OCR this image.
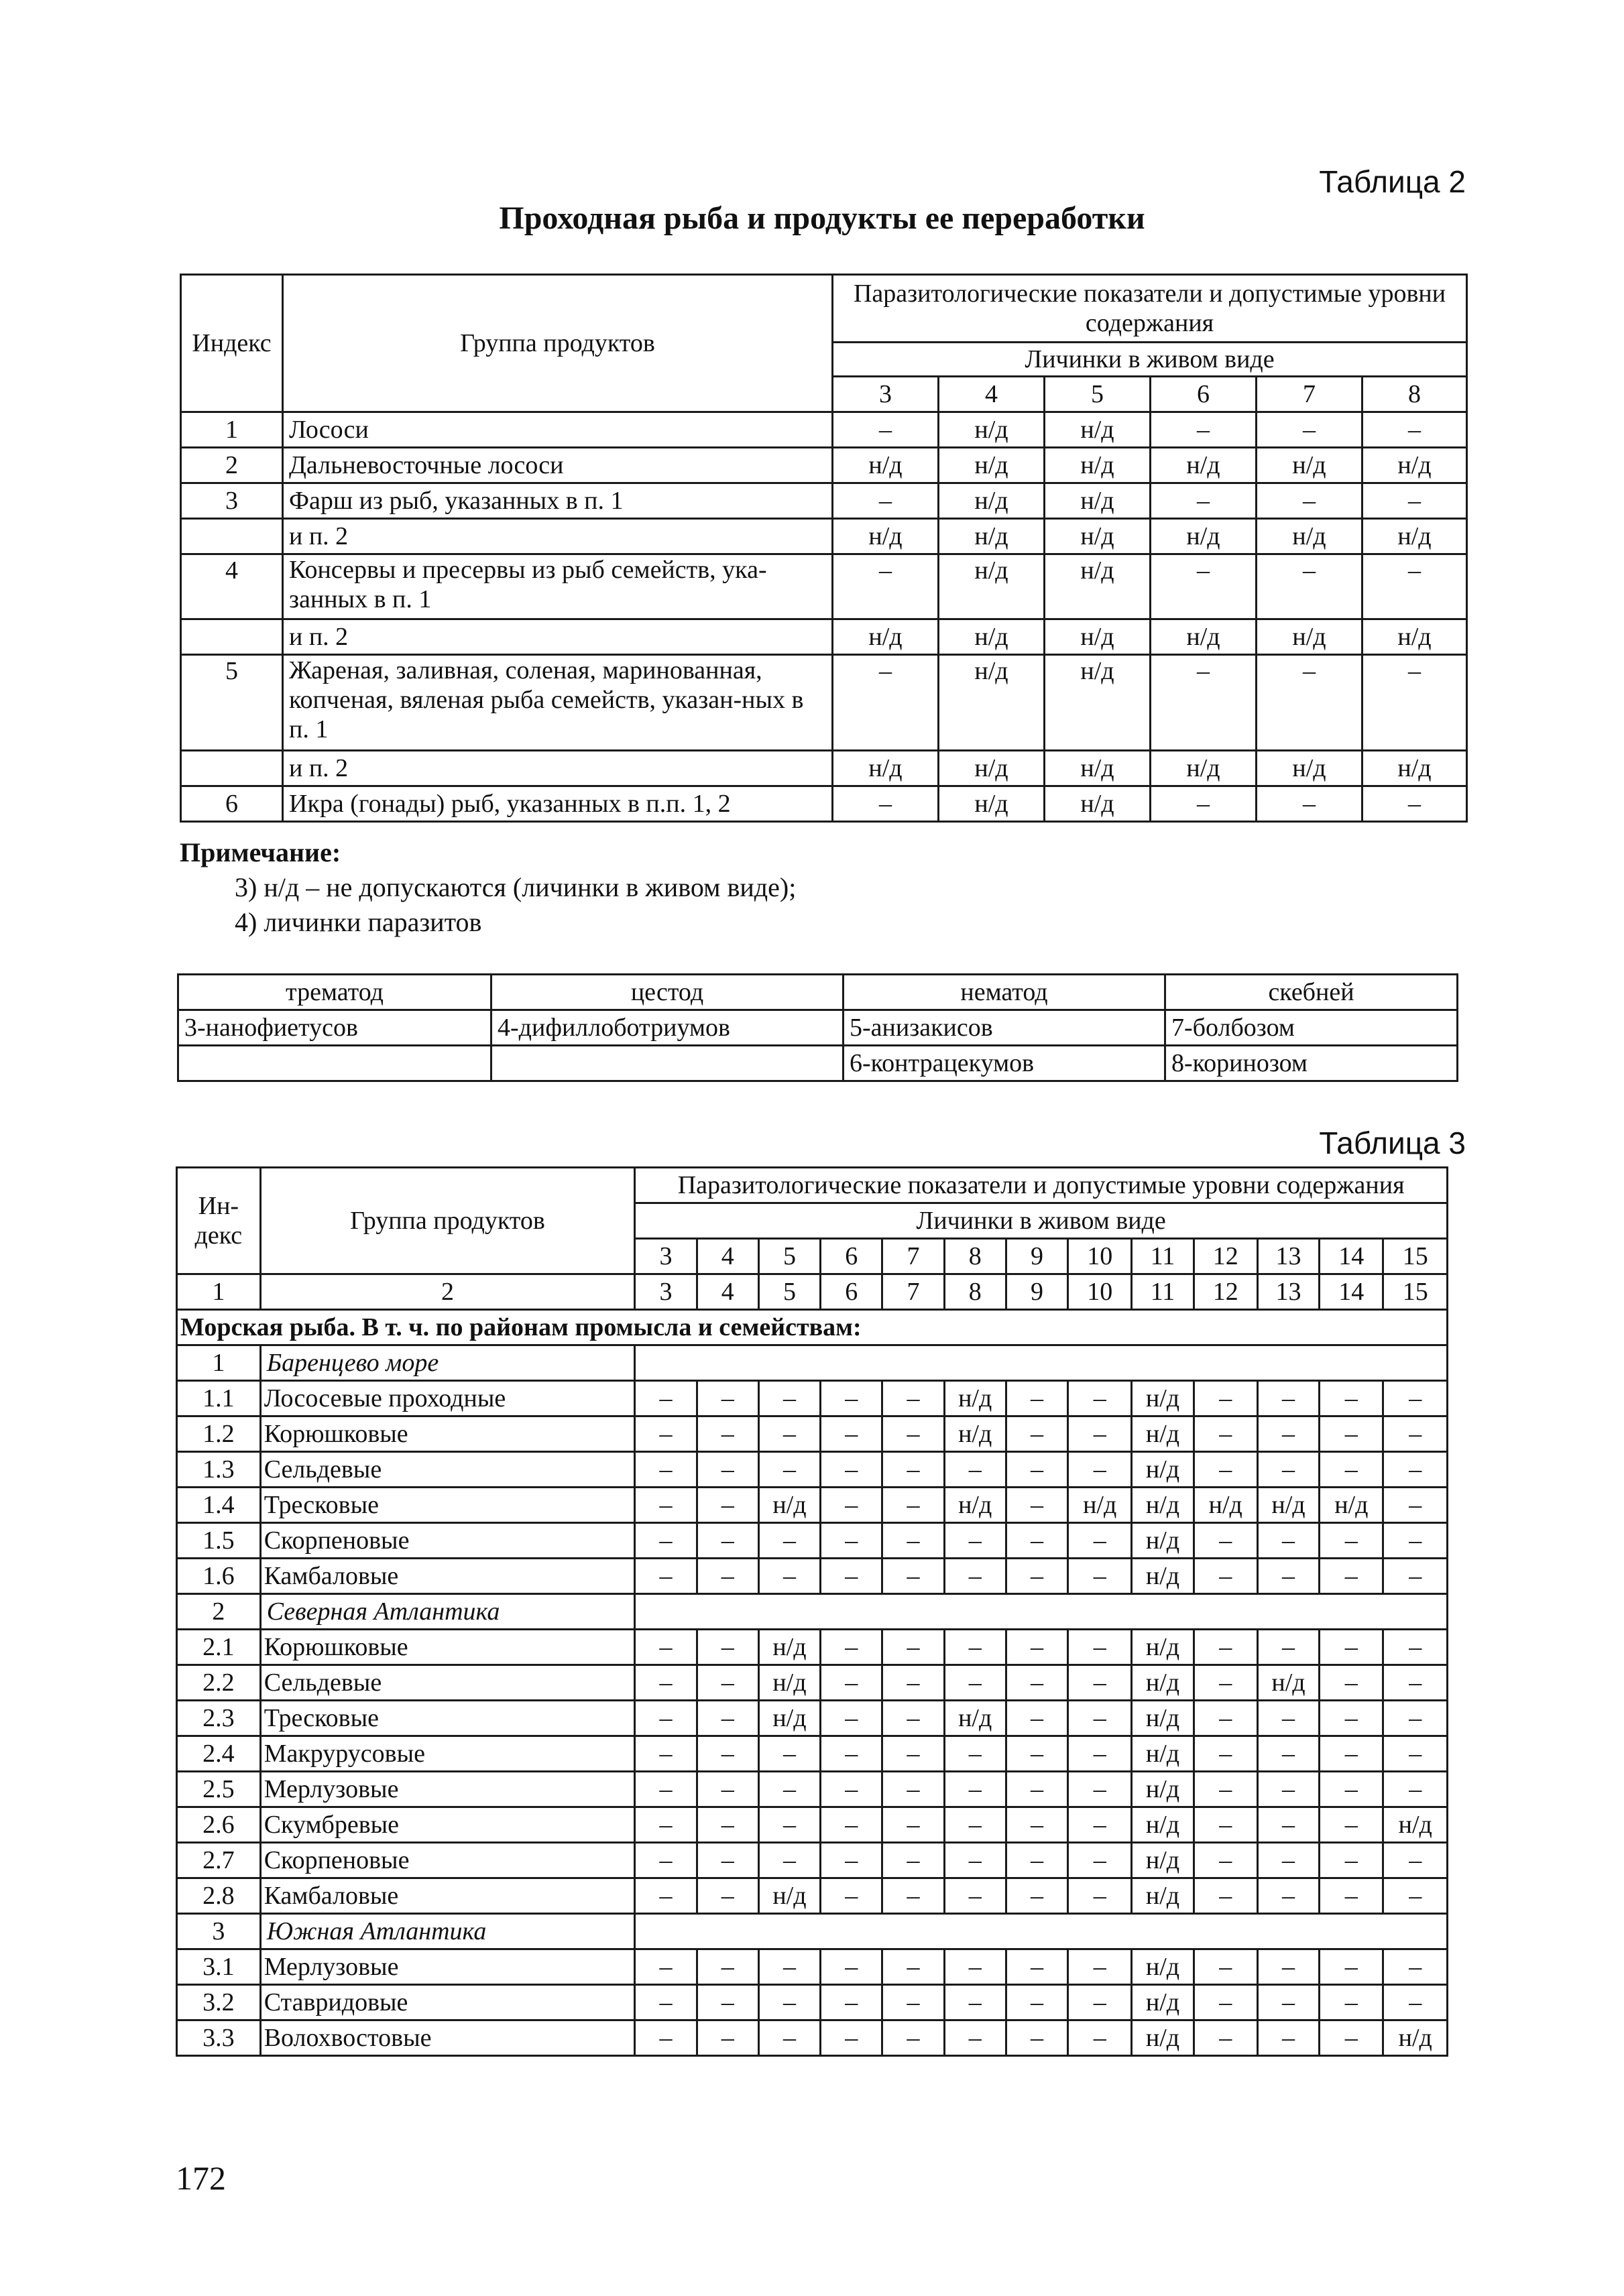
Таблица 2
Проходная рыба и продукты ее переработки
Индекс	Группа продуктов	Паразитологические показатели и допустимые уровни содержания					
		Личинки в живом виде					
		3	4	5	6	7	8
1	Лососи	–	н/д	н/д	–	–	–
2	Дальневосточные лососи	н/д	н/д	н/д	н/д	н/д	н/д
3	Фарш из рыб, указанных в п. 1	–	н/д	н/д	–	–	–
	и п. 2	н/д	н/д	н/д	н/д	н/д	н/д
4	Консервы и пресервы из рыб семейств, ука-занных в п. 1	–	н/д	н/д	–	–	–
	и п. 2	н/д	н/д	н/д	н/д	н/д	н/д
5	Жареная, заливная, соленая, маринованная, копченая, вяленая рыба семейств, указан-ных в п. 1	–	н/д	н/д	–	–	–
	и п. 2	н/д	н/д	н/д	н/д	н/д	н/д
6	Икра (гонады) рыб, указанных в п.п. 1, 2	–	н/д	н/д	–	–	–
Примечание:
3) н/д – не допускаются (личинки в живом виде);
4) личинки паразитов
трематод	цестод	нематод	скебней
3-нанофиетусов	4-дифиллоботриумов	5-анизакисов	7-болбозом
		6-контрацекумов	8-коринозом
Таблица 3
Ин-декс	Группа продуктов	Паразитологические показатели и допустимые уровни содержания												
		Личинки в живом виде												
		3	4	5	6	7	8	9	10	11	12	13	14	15
1	2	3	4	5	6	7	8	9	10	11	12	13	14	15
Морская рыба. В т. ч. по районам промысла и семействам:														
1	Баренцево море													
1.1	Лососевые проходные	–	–	–	–	–	н/д	–	–	н/д	–	–	–	–
1.2	Корюшковые	–	–	–	–	–	н/д	–	–	н/д	–	–	–	–
1.3	Сельдевые	–	–	–	–	–	–	–	–	н/д	–	–	–	–
1.4	Тресковые	–	–	н/д	–	–	н/д	–	н/д	н/д	н/д	н/д	н/д	–
1.5	Скорпеновые	–	–	–	–	–	–	–	–	н/д	–	–	–	–
1.6	Камбаловые	–	–	–	–	–	–	–	–	н/д	–	–	–	–
2	Северная Атлантика													
2.1	Корюшковые	–	–	н/д	–	–	–	–	–	н/д	–	–	–	–
2.2	Сельдевые	–	–	н/д	–	–	–	–	–	н/д	–	н/д	–	–
2.3	Тресковые	–	–	н/д	–	–	н/д	–	–	н/д	–	–	–	–
2.4	Макрурусовые	–	–	–	–	–	–	–	–	н/д	–	–	–	–
2.5	Мерлузовые	–	–	–	–	–	–	–	–	н/д	–	–	–	–
2.6	Скумбревые	–	–	–	–	–	–	–	–	н/д	–	–	–	н/д
2.7	Скорпеновые	–	–	–	–	–	–	–	–	н/д	–	–	–	–
2.8	Камбаловые	–	–	н/д	–	–	–	–	–	н/д	–	–	–	–
3	Южная Атлантика													
3.1	Мерлузовые	–	–	–	–	–	–	–	–	н/д	–	–	–	–
3.2	Ставридовые	–	–	–	–	–	–	–	–	н/д	–	–	–	–
3.3	Волохвостовые	–	–	–	–	–	–	–	–	н/д	–	–	–	н/д
172
